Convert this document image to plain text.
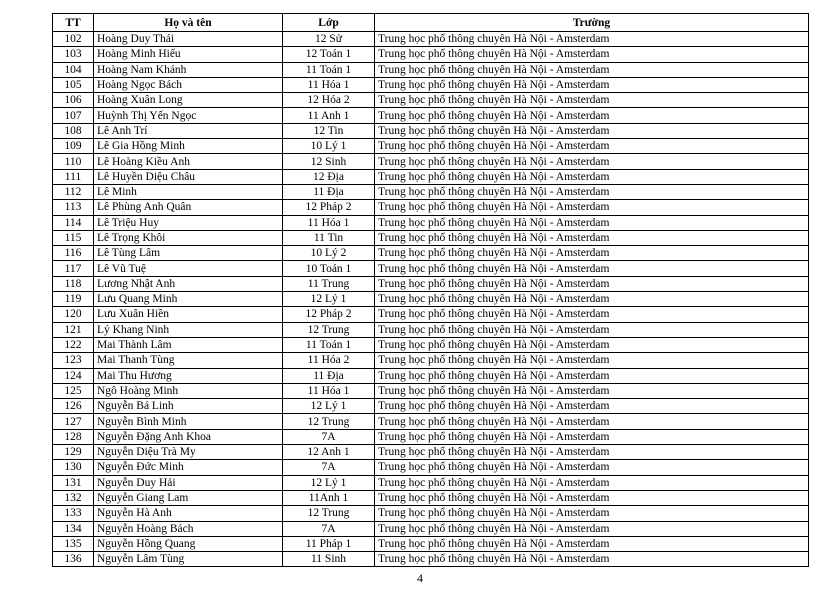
TT	Họ và tên	Lớp	Trường
102	Hoàng Duy Thái	12 Sử	Trung học phổ thông chuyên Hà Nội - Amsterdam
103	Hoàng Minh Hiếu	12 Toán 1	Trung học phổ thông chuyên Hà Nội - Amsterdam
104	Hoàng Nam Khánh	11 Toán 1	Trung học phổ thông chuyên Hà Nội - Amsterdam
105	Hoàng Ngọc Bách	11 Hóa 1	Trung học phổ thông chuyên Hà Nội - Amsterdam
106	Hoàng Xuân Long	12 Hóa 2	Trung học phổ thông chuyên Hà Nội - Amsterdam
107	Huỳnh Thị Yến Ngọc	11 Anh 1	Trung học phổ thông chuyên Hà Nội - Amsterdam
108	Lê Anh Trí	12 Tin	Trung học phổ thông chuyên Hà Nội - Amsterdam
109	Lê Gia Hồng Minh	10 Lý 1	Trung học phổ thông chuyên Hà Nội - Amsterdam
110	Lê Hoàng Kiều Anh	12 Sinh	Trung học phổ thông chuyên Hà Nội - Amsterdam
111	Lê Huyền Diệu Châu	12 Địa	Trung học phổ thông chuyên Hà Nội - Amsterdam
112	Lê Minh	11 Địa	Trung học phổ thông chuyên Hà Nội - Amsterdam
113	Lê Phùng Anh Quân	12 Pháp 2	Trung học phổ thông chuyên Hà Nội - Amsterdam
114	Lê Triệu Huy	11 Hóa 1	Trung học phổ thông chuyên Hà Nội - Amsterdam
115	Lê Trọng Khôi	11 Tin	Trung học phổ thông chuyên Hà Nội - Amsterdam
116	Lê Tùng Lâm	10 Lý 2	Trung học phổ thông chuyên Hà Nội - Amsterdam
117	Lê Vũ Tuệ	10 Toán 1	Trung học phổ thông chuyên Hà Nội - Amsterdam
118	Lương Nhật Anh	11 Trung	Trung học phổ thông chuyên Hà Nội - Amsterdam
119	Lưu Quang Minh	12 Lý 1	Trung học phổ thông chuyên Hà Nội - Amsterdam
120	Lưu Xuân Hiền	12 Pháp 2	Trung học phổ thông chuyên Hà Nội - Amsterdam
121	Lý Khang Ninh	12 Trung	Trung học phổ thông chuyên Hà Nội - Amsterdam
122	Mai Thành Lâm	11 Toán 1	Trung học phổ thông chuyên Hà Nội - Amsterdam
123	Mai Thanh Tùng	11 Hóa 2	Trung học phổ thông chuyên Hà Nội - Amsterdam
124	Mai Thu Hương	11 Địa	Trung học phổ thông chuyên Hà Nội - Amsterdam
125	Ngô Hoàng Minh	11 Hóa 1	Trung học phổ thông chuyên Hà Nội - Amsterdam
126	Nguyễn Bá Linh	12 Lý 1	Trung học phổ thông chuyên Hà Nội - Amsterdam
127	Nguyễn Bình Minh	12 Trung	Trung học phổ thông chuyên Hà Nội - Amsterdam
128	Nguyễn Đặng Anh Khoa	7A	Trung học phổ thông chuyên Hà Nội - Amsterdam
129	Nguyễn Diệu Trà My	12 Anh 1	Trung học phổ thông chuyên Hà Nội - Amsterdam
130	Nguyễn Đức Minh	7A	Trung học phổ thông chuyên Hà Nội - Amsterdam
131	Nguyễn Duy Hải	12 Lý 1	Trung học phổ thông chuyên Hà Nội - Amsterdam
132	Nguyễn Giang Lam	11Anh 1	Trung học phổ thông chuyên Hà Nội - Amsterdam
133	Nguyễn Hà Anh	12 Trung	Trung học phổ thông chuyên Hà Nội - Amsterdam
134	Nguyễn Hoàng Bách	7A	Trung học phổ thông chuyên Hà Nội - Amsterdam
135	Nguyễn Hồng Quang	11 Pháp 1	Trung học phổ thông chuyên Hà Nội - Amsterdam
136	Nguyễn Lâm Tùng	11 Sinh	Trung học phổ thông chuyên Hà Nội - Amsterdam
4
